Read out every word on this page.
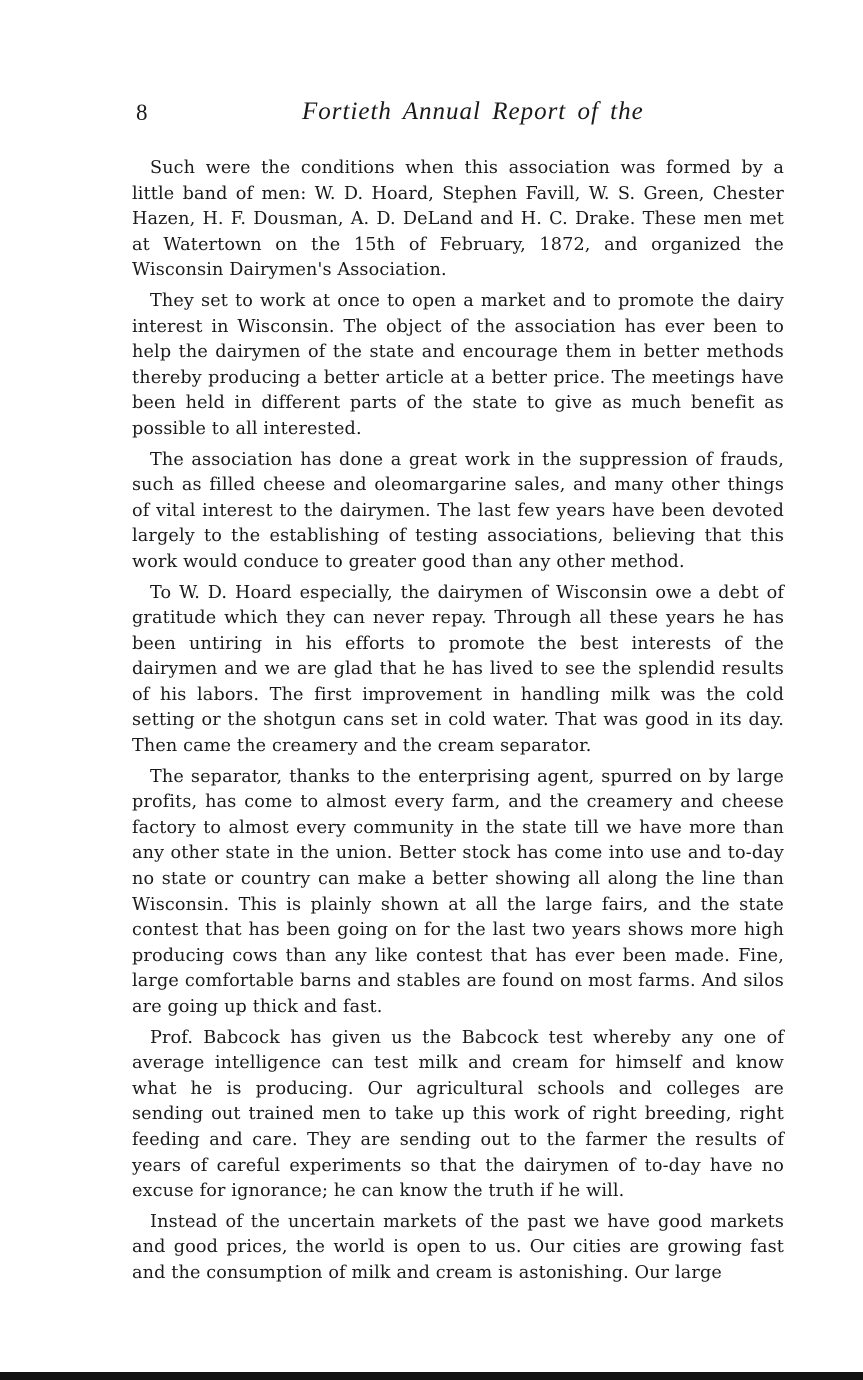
8	Fortieth Annual Report of the

Such were the conditions when this association was formed by a little band of men: W. D. Hoard, Stephen Favill, W. S. Green, Chester Hazen, H. F. Dousman, A. D. DeLand and H. C. Drake. These men met at Watertown on the 15th of February, 1872, and organized the Wisconsin Dairymen's Association.

They set to work at once to open a market and to promote the dairy interest in Wisconsin. The object of the association has ever been to help the dairymen of the state and encourage them in better methods thereby producing a better article at a better price. The meetings have been held in different parts of the state to give as much benefit as possible to all interested.

The association has done a great work in the suppression of frauds, such as filled cheese and oleomargarine sales, and many other things of vital interest to the dairymen. The last few years have been devoted largely to the establishing of testing associations, believing that this work would conduce to greater good than any other method.

To W. D. Hoard especially, the dairymen of Wisconsin owe a debt of gratitude which they can never repay. Through all these years he has been untiring in his efforts to promote the best interests of the dairymen and we are glad that he has lived to see the splendid results of his labors. The first improvement in handling milk was the cold setting or the shotgun cans set in cold water. That was good in its day. Then came the creamery and the cream separator.

The separator, thanks to the enterprising agent, spurred on by large profits, has come to almost every farm, and the creamery and cheese factory to almost every community in the state till we have more than any other state in the union. Better stock has come into use and to-day no state or country can make a better showing all along the line than Wisconsin. This is plainly shown at all the large fairs, and the state contest that has been going on for the last two years shows more high producing cows than any like contest that has ever been made. Fine, large comfortable barns and stables are found on most farms. And silos are going up thick and fast.

Prof. Babcock has given us the Babcock test whereby any one of average intelligence can test milk and cream for himself and know what he is producing. Our agricultural schools and colleges are sending out trained men to take up this work of right breeding, right feeding and care. They are sending out to the farmer the results of years of careful experiments so that the dairymen of to-day have no excuse for ignorance; he can know the truth if he will.

Instead of the uncertain markets of the past we have good markets and good prices, the world is open to us. Our cities are growing fast and the consumption of milk and cream is astonishing. Our large
